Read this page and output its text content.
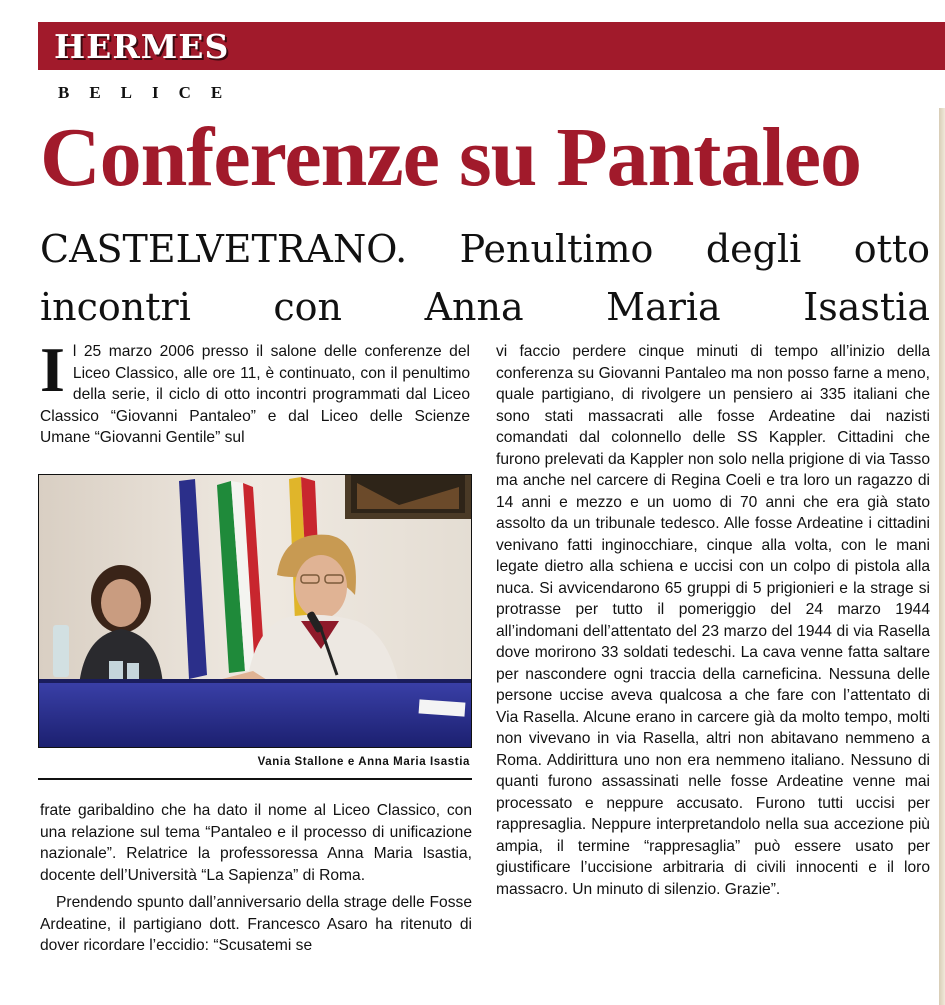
HERMES
BELICE
Conferenze su Pantaleo
CASTELVETRANO. Penultimo degli otto incontri con Anna Maria Isastia

I l 25 marzo 2006 presso il salone delle conferenze del Liceo Classico, alle ore 11, è continuato, con il penultimo della serie, il ciclo di otto incontri programmati dal Liceo Classico “Giovanni Pantaleo” e dal Liceo delle Scienze Umane “Giovanni Gentile” sul

Vania Stallone e Anna Maria Isastia

frate garibaldino che ha dato il nome al Liceo Classico, con una relazione sul tema “Pantaleo e il processo di unificazione nazionale”. Relatrice la professoressa Anna Maria Isastia, docente dell’Università “La Sapienza” di Roma.

Prendendo spunto dall’anniversario della strage delle Fosse Ardeatine, il partigiano dott. Francesco Asaro ha ritenuto di dover ricordare l’eccidio: “Scusatemi se

vi faccio perdere cinque minuti di tempo all’inizio della conferenza su Giovanni Pantaleo ma non posso farne a meno, quale partigiano, di rivolgere un pensiero ai 335 italiani che sono stati massacrati alle fosse Ardeatine dai nazisti comandati dal colonnello delle SS Kappler. Cittadini che furono prelevati da Kappler non solo nella prigione di via Tasso ma anche nel carcere di Regina Coeli e tra loro un ragazzo di 14 anni e mezzo e un uomo di 70 anni che era già stato assolto da un tribunale tedesco. Alle fosse Ardeatine i cittadini venivano fatti inginocchiare, cinque alla volta, con le mani legate dietro alla schiena e uccisi con un colpo di pistola alla nuca. Si avvicendarono 65 gruppi di 5 prigionieri e la strage si protrasse per tutto il pomeriggio del 24 marzo 1944 all’indomani dell’attentato del 23 marzo del 1944 di via Rasella dove morirono 33 soldati tedeschi. La cava venne fatta saltare per nascondere ogni traccia della carneficina. Nessuna delle persone uccise aveva qualcosa a che fare con l’attentato di Via Rasella. Alcune erano in carcere già da molto tempo, molti non vivevano in via Rasella, altri non abitavano nemmeno a Roma. Addirittura uno non era nemmeno italiano. Nessuno di quanti furono assassinati nelle fosse Ardeatine venne mai processato e neppure accusato. Furono tutti uccisi per rappresaglia. Neppure interpretandolo nella sua accezione più ampia, il termine “rappresaglia” può essere usato per giustificare l’uccisione arbitraria di civili innocenti e il loro massacro. Un minuto di silenzio. Grazie”.
